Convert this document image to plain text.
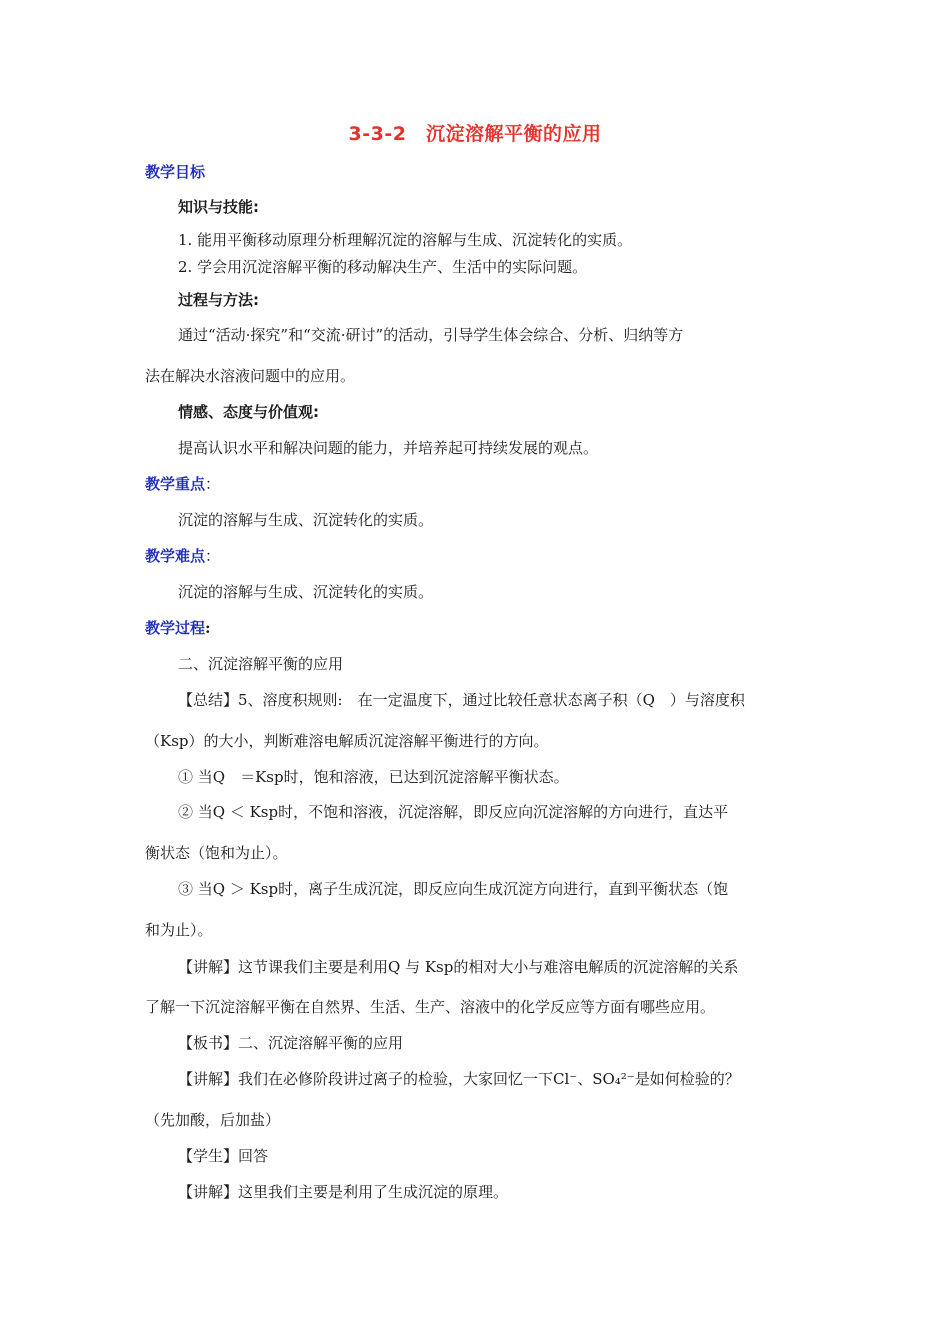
3-3-2　沉淀溶解平衡的应用
教学目标
知识与技能:
1. 能用平衡移动原理分析理解沉淀的溶解与生成、沉淀转化的实质。
2. 学会用沉淀溶解平衡的移动解决生产、生活中的实际问题。
过程与方法:
通过“活动·探究”和“交流·研讨”的活动，引导学生体会综合、分析、归纳等方
法在解决水溶液问题中的应用。
情感、态度与价值观:
提高认识水平和解决问题的能力，并培养起可持续发展的观点。
教学重点：
沉淀的溶解与生成、沉淀转化的实质。
教学难点：
沉淀的溶解与生成、沉淀转化的实质。
教学过程:
二、沉淀溶解平衡的应用
【总结】5、溶度积规则:　在一定温度下，通过比较任意状态离子积（Q　）与溶度积
（Ksp）的大小，判断难溶电解质沉淀溶解平衡进行的方向。
① 当Q　＝Ksp时，饱和溶液，已达到沉淀溶解平衡状态。
② 当Q ＜ Ksp时，不饱和溶液，沉淀溶解，即反应向沉淀溶解的方向进行，直达平
衡状态（饱和为止）。
③ 当Q ＞ Ksp时，离子生成沉淀，即反应向生成沉淀方向进行，直到平衡状态（饱
和为止）。
【讲解】这节课我们主要是利用Q 与 Ksp的相对大小与难溶电解质的沉淀溶解的关系
了解一下沉淀溶解平衡在自然界、生活、生产、溶液中的化学反应等方面有哪些应用。
【板书】二、沉淀溶解平衡的应用
【讲解】我们在必修阶段讲过离子的检验，大家回忆一下Cl⁻、SO₄²⁻是如何检验的？
（先加酸，后加盐）
【学生】回答
【讲解】这里我们主要是利用了生成沉淀的原理。
